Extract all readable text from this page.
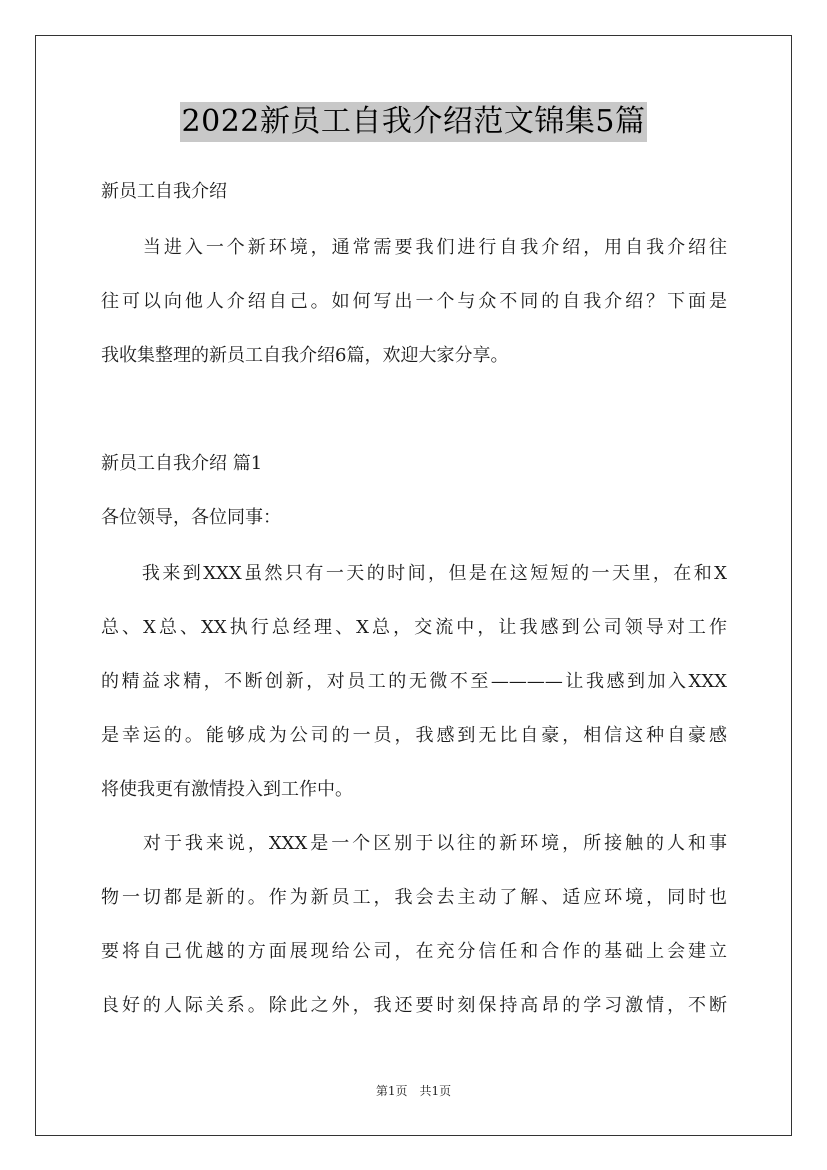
2022新员工自我介绍范文锦集5篇
新员工自我介绍
　　当进入一个新环境，通常需要我们进行自我介绍，用自我介绍往
往可以向他人介绍自己。如何写出一个与众不同的自我介绍？下面是
我收集整理的新员工自我介绍6篇，欢迎大家分享。
新员工自我介绍 篇1
各位领导，各位同事：
　　我来到XXX虽然只有一天的时间，但是在这短短的一天里，在和X
总、X总、XX执行总经理、X总，交流中，让我感到公司领导对工作
的精益求精，不断创新，对员工的无微不至————让我感到加入XXX
是幸运的。能够成为公司的一员，我感到无比自豪，相信这种自豪感
将使我更有激情投入到工作中。
　　对于我来说，XXX是一个区别于以往的新环境，所接触的人和事
物一切都是新的。作为新员工，我会去主动了解、适应环境，同时也
要将自己优越的方面展现给公司，在充分信任和合作的基础上会建立
良好的人际关系。除此之外，我还要时刻保持高昂的学习激情，不断
第1页　共1页
